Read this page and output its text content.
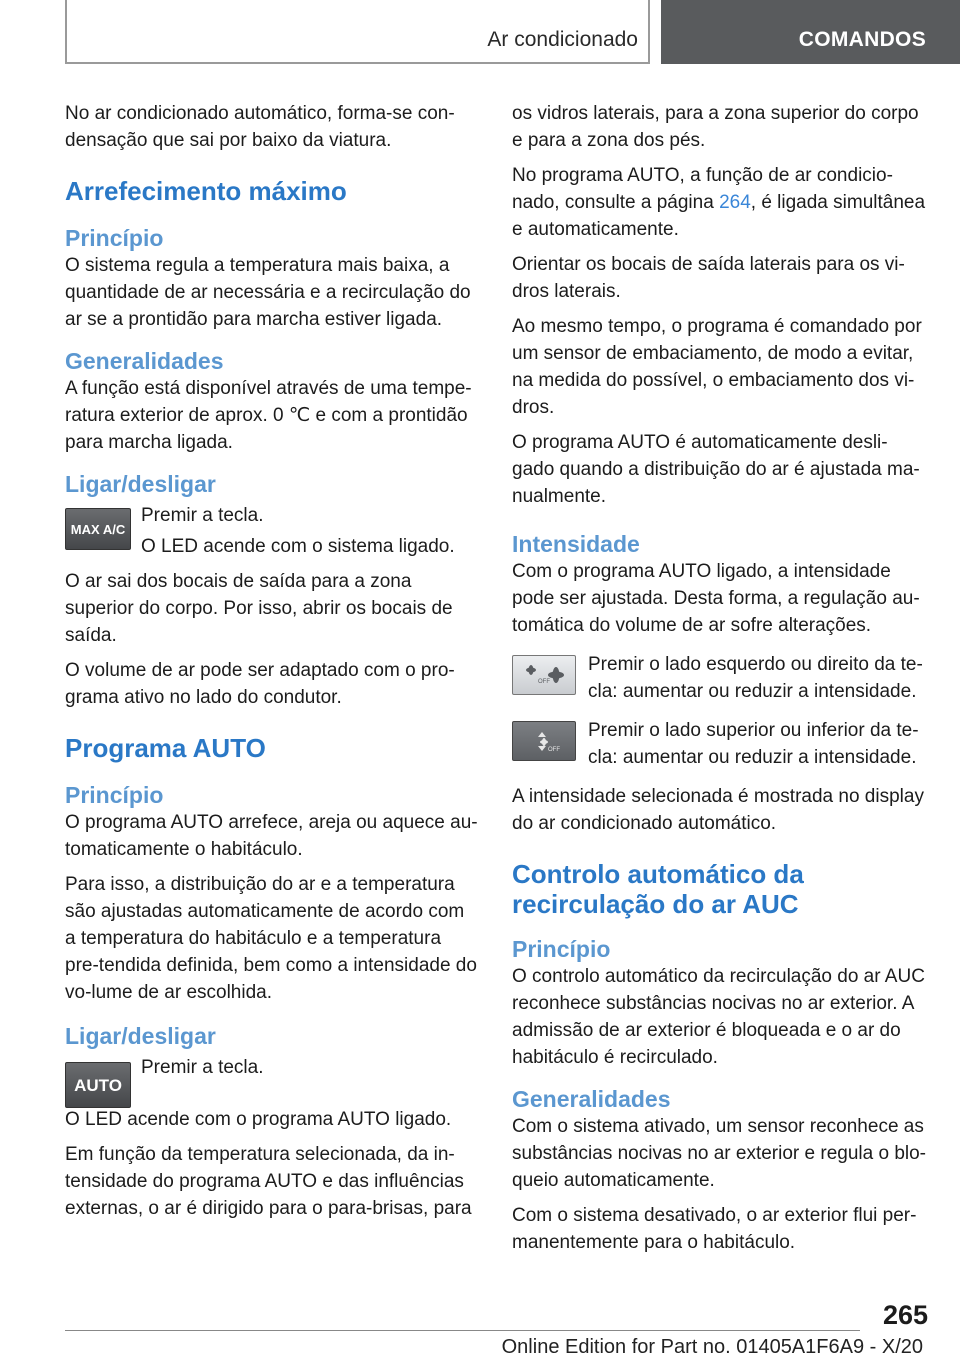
Ar condicionado	COMANDOS

No ar condicionado automático, forma-se con-densação que sai por baixo da viatura.

Arrefecimento máximo
Princípio

O sistema regula a temperatura mais baixa, a quantidade de ar necessária e a recirculação do ar se a prontidão para marcha estiver ligada.

Generalidades

A função está disponível através de uma tempe-ratura exterior de aprox. 0 ℃ e com a prontidão para marcha ligada.

Ligar/desligar
MAX A/C

Premir a tecla.

O LED acende com o sistema ligado.

O ar sai dos bocais de saída para a zona superior do corpo. Por isso, abrir os bocais de saída.

O volume de ar pode ser adaptado com o pro-grama ativo no lado do condutor.

Programa AUTO
Princípio

O programa AUTO arrefece, areja ou aquece au-tomaticamente o habitáculo.

Para isso, a distribuição do ar e a temperatura são ajustadas automaticamente de acordo com a temperatura do habitáculo e a temperatura pre-tendida definida, bem como a intensidade do vo-lume de ar escolhida.

Ligar/desligar
AUTO

Premir a tecla.

O LED acende com o programa AUTO ligado.

Em função da temperatura selecionada, da in-tensidade do programa AUTO e das influências externas, o ar é dirigido para o para-brisas, para

os vidros laterais, para a zona superior do corpo e para a zona dos pés.

No programa AUTO, a função de ar condicio-nado, consulte a página 264, é ligada simultânea e automaticamente.

Orientar os bocais de saída laterais para os vi-dros laterais.

Ao mesmo tempo, o programa é comandado por um sensor de embaciamento, de modo a evitar, na medida do possível, o embaciamento dos vi-dros.

O programa AUTO é automaticamente desli-gado quando a distribuição do ar é ajustada ma-nualmente.

Intensidade

Com o programa AUTO ligado, a intensidade pode ser ajustada. Desta forma, a regulação au-tomática do volume de ar sofre alterações.

OFF

Premir o lado esquerdo ou direito da te-cla: aumentar ou reduzir a intensidade.

OFF

Premir o lado superior ou inferior da te-cla: aumentar ou reduzir a intensidade.

A intensidade selecionada é mostrada no display do ar condicionado automático.

Controlo automático da recirculação do ar AUC
Princípio

O controlo automático da recirculação do ar AUC reconhece substâncias nocivas no ar exterior. A admissão de ar exterior é bloqueada e o ar do habitáculo é recirculado.

Generalidades

Com o sistema ativado, um sensor reconhece as substâncias nocivas no ar exterior e regula o blo-queio automaticamente.

Com o sistema desativado, o ar exterior flui per-manentemente para o habitáculo.

265
Online Edition for Part no. 01405A1F6A9 - X/20
